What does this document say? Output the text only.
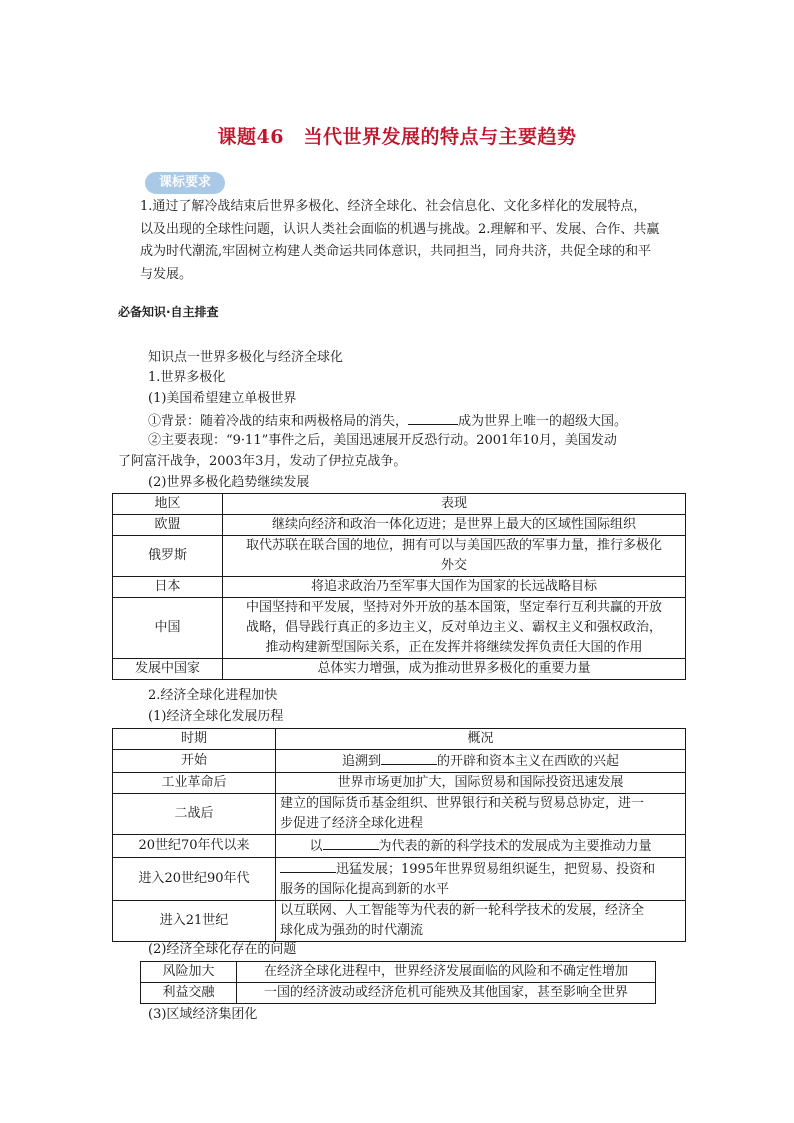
课题46　当代世界发展的特点与主要趋势
课标要求

1.通过了解冷战结束后世界多极化、经济全球化、社会信息化、文化多样化的发展特点，

以及出现的全球性问题，认识人类社会面临的机遇与挑战。2.理解和平、发展、合作、共赢

成为时代潮流,牢固树立构建人类命运共同体意识，共同担当，同舟共济，共促全球的和平

与发展。

必备知识·自主排查
知识点一世界多极化与经济全球化
1.世界多极化
(1)美国希望建立单极世界
①背景：随着冷战的结束和两极格局的消失，	成为世界上唯一的超级大国。
②主要表现：“9·11”事件之后，美国迅速展开反恐行动。2001年10月，美国发动
了阿富汗战争，2003年3月，发动了伊拉克战争。
(2)世界多极化趋势继续发展
地区	表现
欧盟	继续向经济和政治一体化迈进；是世界上最大的区域性国际组织
俄罗斯	取代苏联在联合国的地位，拥有可以与美国匹敌的军事力量，推行多极化
外交

日本	将追求政治乃至军事大国作为国家的长远战略目标
中国	中国坚持和平发展，坚持对外开放的基本国策，坚定奉行互利共赢的开放
战略，倡导践行真正的多边主义，反对单边主义、霸权主义和强权政治，
推动构建新型国际关系，正在发挥并将继续发挥负责任大国的作用

发展中国家	总体实力增强，成为推动世界多极化的重要力量
2.经济全球化进程加快
(1)经济全球化发展历程
时期	概况
开始	追溯到 的开辟和资本主义在西欧的兴起
工业革命后	世界市场更加扩大，国际贸易和国际投资迅速发展
二战后	建立的国际货币基金组织、世界银行和关税与贸易总协定，进一
步促进了经济全球化进程

20世纪70年代以来	以 为代表的新的科学技术的发展成为主要推动力量
进入20世纪90年代	迅猛发展；1995年世界贸易组织诞生，把贸易、投资和
服务的国际化提高到新的水平

进入21世纪	以互联网、人工智能等为代表的新一轮科学技术的发展，经济全
球化成为强劲的时代潮流
(2)经济全球化存在的问题
风险加大	在经济全球化进程中，世界经济发展面临的风险和不确定性增加
利益交融	一国的经济波动或经济危机可能殃及其他国家，甚至影响全世界
(3)区域经济集团化
